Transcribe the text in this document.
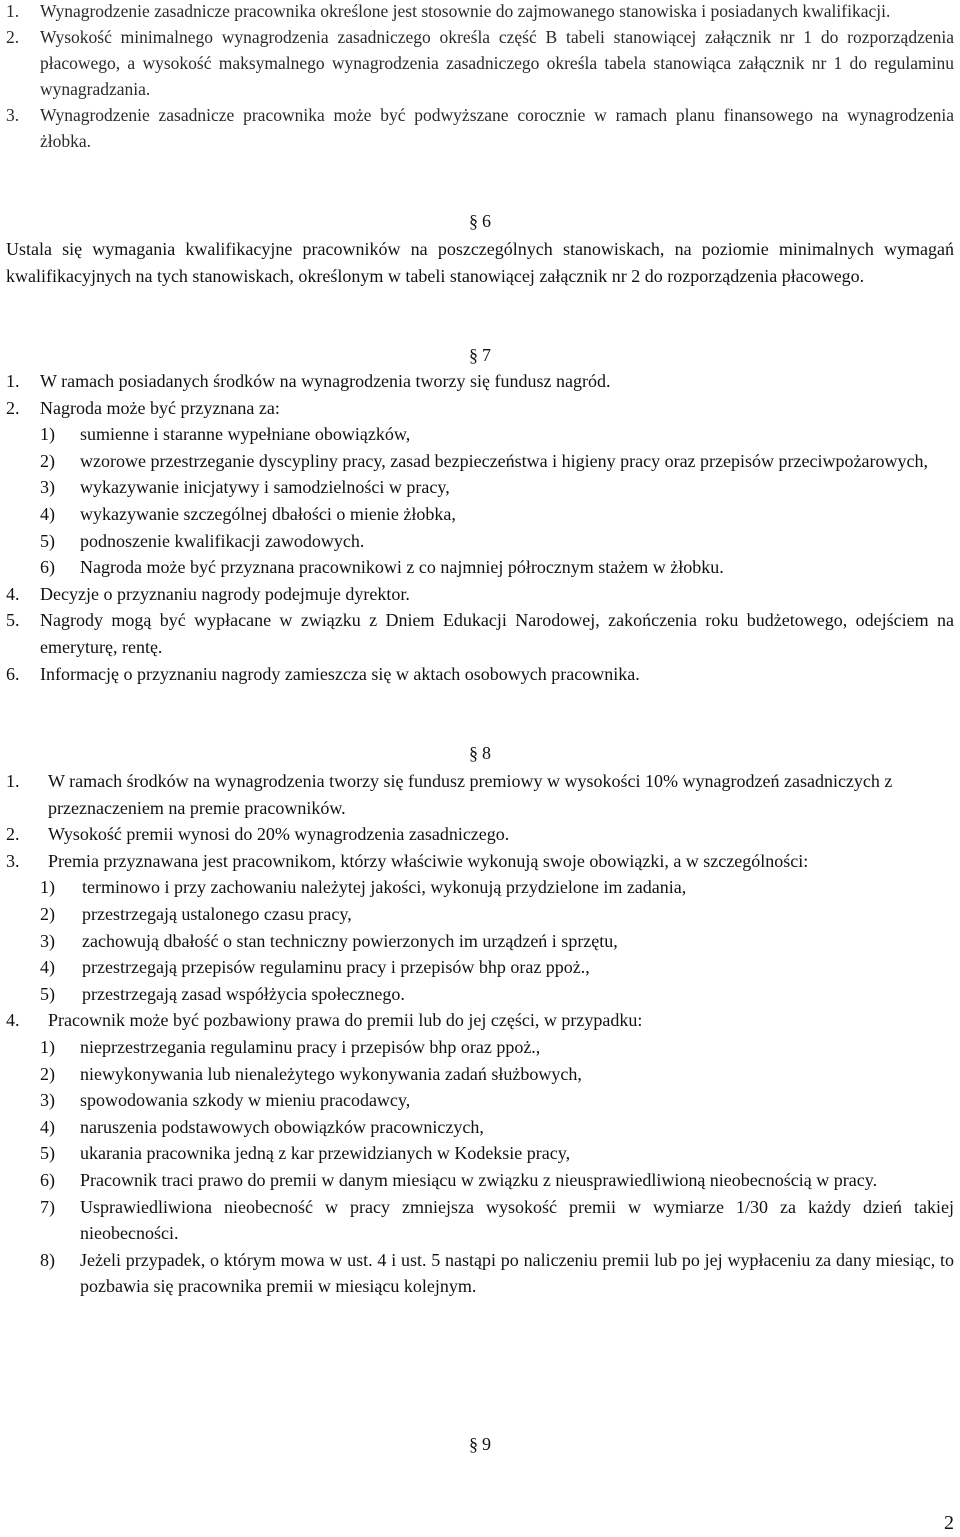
1. Wynagrodzenie zasadnicze pracownika określone jest stosownie do zajmowanego stanowiska i posiadanych kwalifikacji.
2. Wysokość minimalnego wynagrodzenia zasadniczego określa część B tabeli stanowiącej załącznik nr 1 do rozporządzenia płacowego, a wysokość maksymalnego wynagrodzenia zasadniczego określa tabela stanowiąca załącznik nr 1 do regulaminu wynagradzania.
3. Wynagrodzenie zasadnicze pracownika może być podwyższane corocznie w ramach planu finansowego na wynagrodzenia żłobka.
§ 6
Ustala się wymagania kwalifikacyjne pracowników na poszczególnych stanowiskach, na poziomie minimalnych wymagań kwalifikacyjnych na tych stanowiskach, określonym w tabeli stanowiącej załącznik nr 2 do rozporządzenia płacowego.
§ 7
1. W ramach posiadanych środków na wynagrodzenia tworzy się fundusz nagród.
2. Nagroda może być przyznana za:
1) sumienne i staranne wypełniane obowiązków,
2) wzorowe przestrzeganie dyscypliny pracy, zasad bezpieczeństwa i higieny pracy oraz przepisów przeciwpożarowych,
3) wykazywanie inicjatywy i samodzielności w pracy,
4) wykazywanie szczególnej dbałości o mienie żłobka,
5) podnoszenie kwalifikacji zawodowych.
6) Nagroda może być przyznana pracownikowi z co najmniej półrocznym stażem w żłobku.
4. Decyzje o przyznaniu nagrody podejmuje dyrektor.
5. Nagrody mogą być wypłacane w związku z Dniem Edukacji Narodowej, zakończenia roku budżetowego, odejściem na emeryturę, rentę.
6. Informację o przyznaniu nagrody zamieszcza się w aktach osobowych pracownika.
§ 8
1. W ramach środków na wynagrodzenia tworzy się fundusz premiowy w wysokości 10% wynagrodzeń zasadniczych z przeznaczeniem na premie pracowników.
2. Wysokość premii wynosi do 20% wynagrodzenia zasadniczego.
3. Premia przyznawana jest pracownikom, którzy właściwie wykonują swoje obowiązki, a w szczególności:
1) terminowo i przy zachowaniu należytej jakości, wykonują przydzielone im zadania,
2) przestrzegają ustalonego czasu pracy,
3) zachowują dbałość o stan techniczny powierzonych im urządzeń i sprzętu,
4) przestrzegają przepisów regulaminu pracy i przepisów bhp oraz ppoż.,
5) przestrzegają zasad współżycia społecznego.
4. Pracownik może być pozbawiony prawa do premii lub do jej części, w przypadku:
1) nieprzestrzegania regulaminu pracy i przepisów bhp oraz ppoż.,
2) niewykonywania lub nienależytego wykonywania zadań służbowych,
3) spowodowania szkody w mieniu pracodawcy,
4) naruszenia podstawowych obowiązków pracowniczych,
5) ukarania pracownika jedną z kar przewidzianych w Kodeksie pracy,
6) Pracownik traci prawo do premii w danym miesiącu w związku z nieusprawiedliwioną nieobecnością w pracy.
7) Usprawiedliwiona nieobecność w pracy zmniejsza wysokość premii w wymiarze 1/30 za każdy dzień takiej nieobecności.
8) Jeżeli przypadek, o którym mowa w ust. 4 i ust. 5 nastąpi po naliczeniu premii lub po jej wypłaceniu za dany miesiąc, to pozbawia się pracownika premii w miesiącu kolejnym.
§ 9
2
